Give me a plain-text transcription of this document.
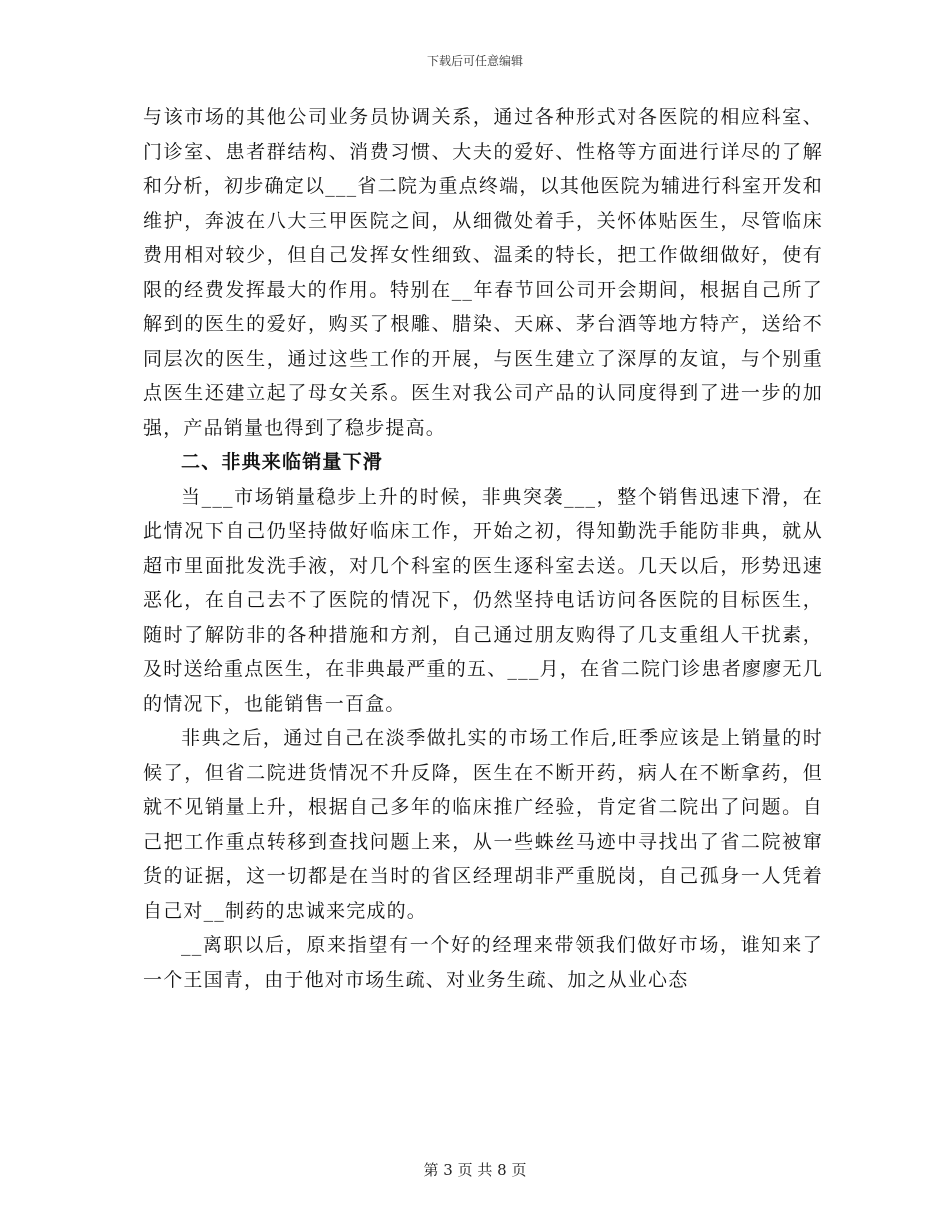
下载后可任意编辑

与该市场的其他公司业务员协调关系，通过各种形式对各医院的相应科室、门诊室、患者群结构、消费习惯、大夫的爱好、性格等方面进行详尽的了解和分析，初步确定以___省二院为重点终端，以其他医院为辅进行科室开发和维护，奔波在八大三甲医院之间，从细微处着手，关怀体贴医生，尽管临床费用相对较少，但自己发挥女性细致、温柔的特长，把工作做细做好，使有限的经费发挥最大的作用。特别在__年春节回公司开会期间，根据自己所了解到的医生的爱好，购买了根雕、腊染、天麻、茅台酒等地方特产，送给不同层次的医生，通过这些工作的开展，与医生建立了深厚的友谊，与个别重点医生还建立起了母女关系。医生对我公司产品的认同度得到了进一步的加强，产品销量也得到了稳步提高。

二、非典来临销量下滑

当___市场销量稳步上升的时候，非典突袭___，整个销售迅速下滑，在此情况下自己仍坚持做好临床工作，开始之初，得知勤洗手能防非典，就从超市里面批发洗手液，对几个科室的医生逐科室去送。几天以后，形势迅速恶化，在自己去不了医院的情况下，仍然坚持电话访问各医院的目标医生，随时了解防非的各种措施和方剂，自己通过朋友购得了几支重组人干扰素，及时送给重点医生，在非典最严重的五、___月，在省二院门诊患者廖廖无几的情况下，也能销售一百盒。

非典之后，通过自己在淡季做扎实的市场工作后,旺季应该是上销量的时候了，但省二院进货情况不升反降，医生在不断开药，病人在不断拿药，但就不见销量上升，根据自己多年的临床推广经验，肯定省二院出了问题。自己把工作重点转移到查找问题上来，从一些蛛丝马迹中寻找出了省二院被窜货的证据，这一切都是在当时的省区经理胡非严重脱岗，自己孤身一人凭着自己对__制药的忠诚来完成的。

__离职以后，原来指望有一个好的经理来带领我们做好市场，谁知来了一个王国青，由于他对市场生疏、对业务生疏、加之从业心态

第 3 页 共 8 页
